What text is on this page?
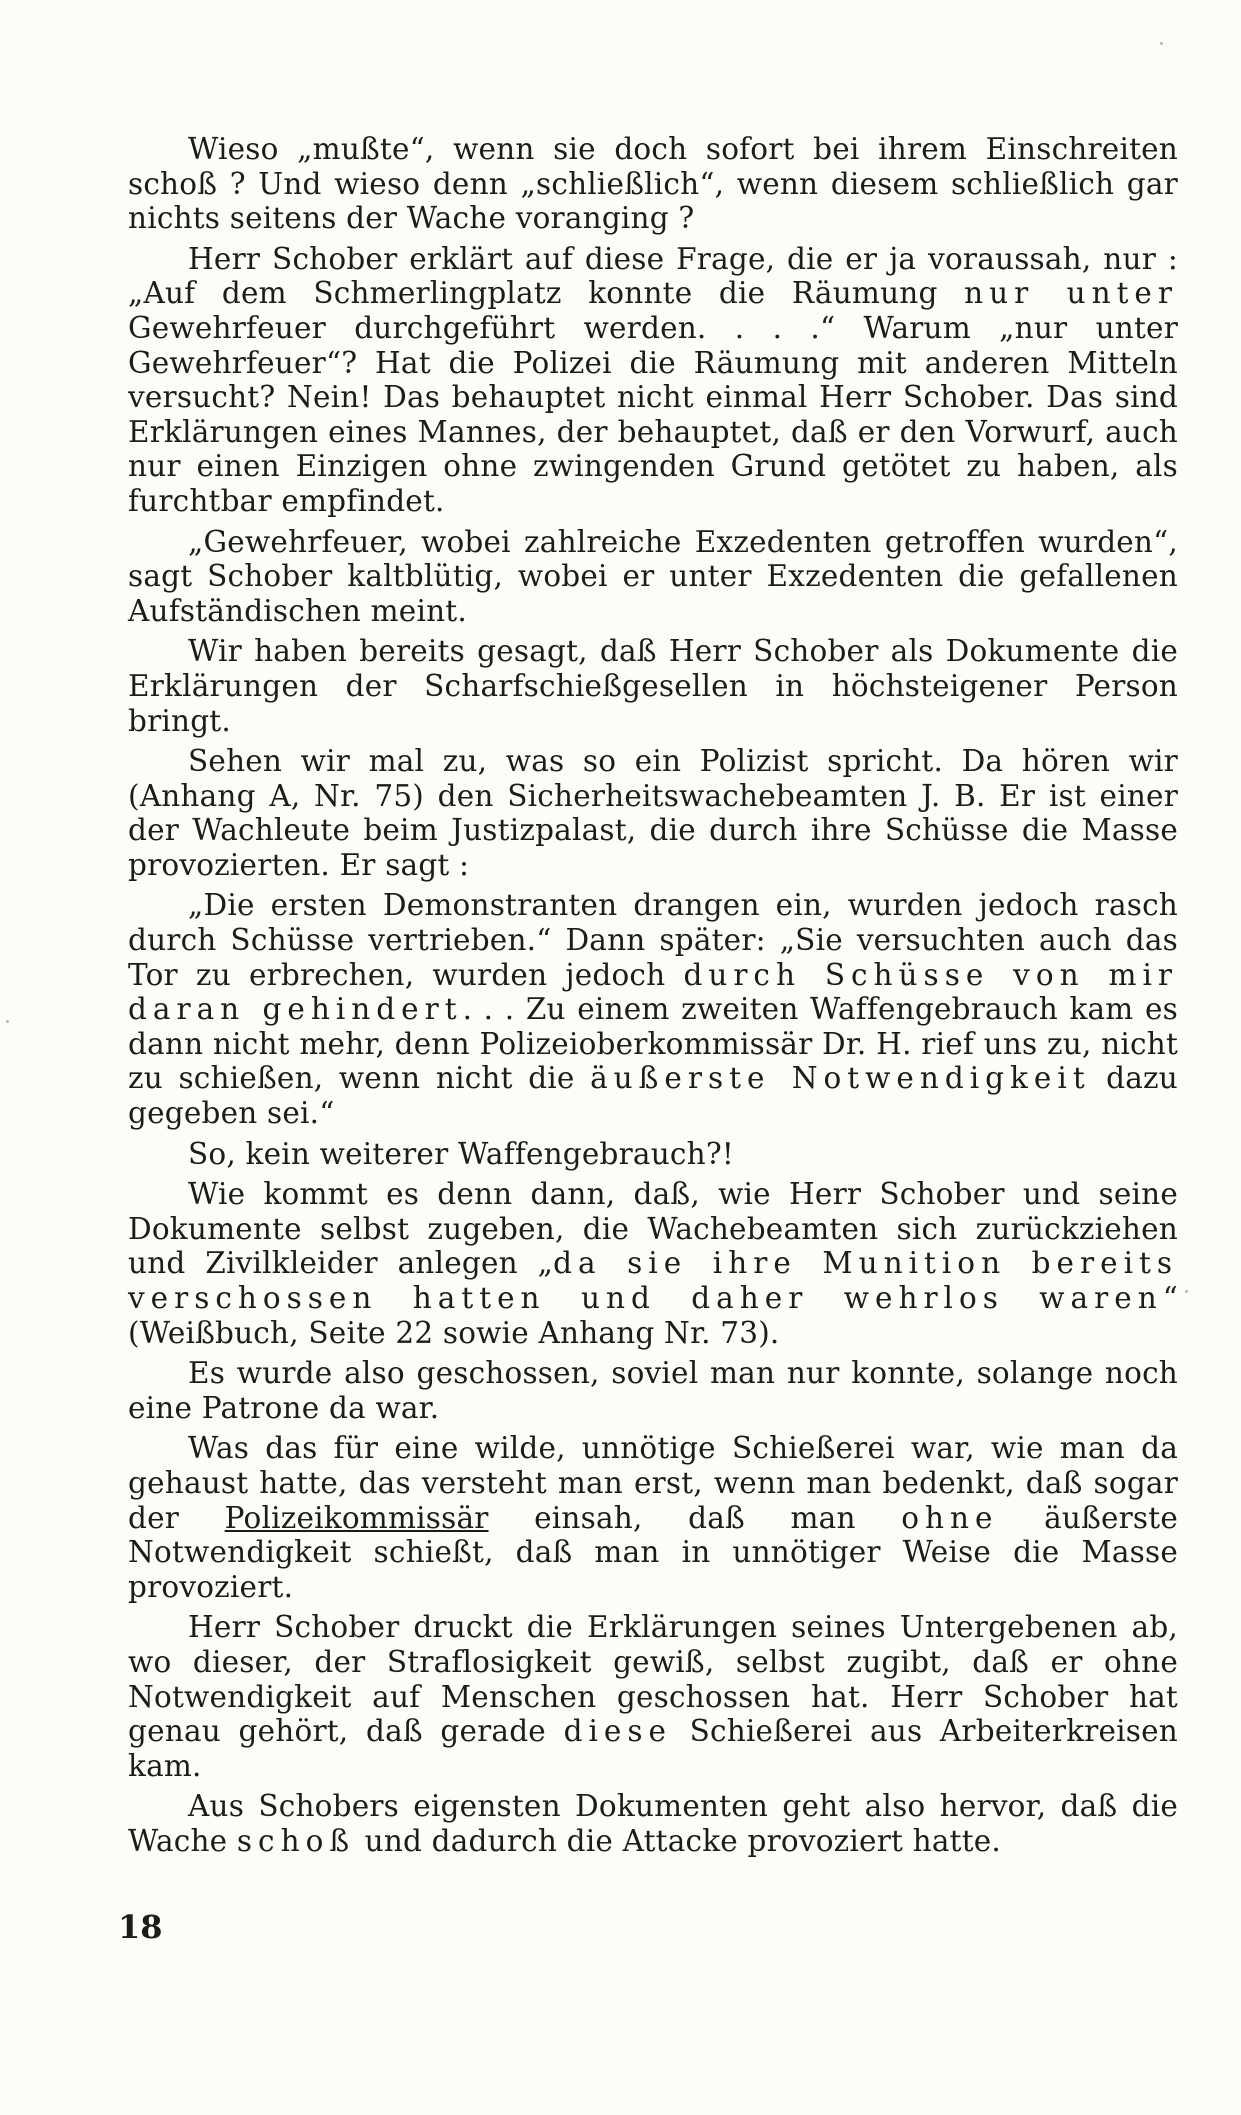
Wieso „mußte“, wenn sie doch sofort bei ihrem Einschreiten schoß ? Und wieso denn „schließlich“, wenn diesem schließlich gar nichts seitens der Wache voranging ?

Herr Schober erklärt auf diese Frage, die er ja voraussah, nur : „Auf dem Schmerlingplatz konnte die Räumung nur unter Gewehrfeuer durchgeführt werden. . . .“ Warum „nur unter Gewehrfeuer“? Hat die Polizei die Räumung mit anderen Mitteln versucht? Nein! Das behauptet nicht einmal Herr Schober. Das sind Erklärungen eines Mannes, der behauptet, daß er den Vorwurf, auch nur einen Einzigen ohne zwingenden Grund getötet zu haben, als furchtbar empfindet.

„Gewehrfeuer, wobei zahlreiche Exzedenten getroffen wurden“, sagt Schober kaltblütig, wobei er unter Exzedenten die gefallenen Aufständischen meint.

Wir haben bereits gesagt, daß Herr Schober als Dokumente die Erklärungen der Scharfschießgesellen in höchsteigener Person bringt.

Sehen wir mal zu, was so ein Polizist spricht. Da hören wir (Anhang A, Nr. 75) den Sicherheitswachebeamten J. B. Er ist einer der Wachleute beim Justizpalast, die durch ihre Schüsse die Masse provozierten. Er sagt :

„Die ersten Demonstranten drangen ein, wurden jedoch rasch durch Schüsse vertrieben.“ Dann später: „Sie versuchten auch das Tor zu erbrechen, wurden jedoch durch Schüsse von mir daran gehindert. . . Zu einem zweiten Waffengebrauch kam es dann nicht mehr, denn Polizeioberkommissär Dr. H. rief uns zu, nicht zu schießen, wenn nicht die äußerste Notwendigkeit dazu gegeben sei.“

So, kein weiterer Waffengebrauch?!

Wie kommt es denn dann, daß, wie Herr Schober und seine Dokumente selbst zugeben, die Wachebeamten sich zurückziehen und Zivilkleider anlegen „da sie ihre Munition bereits verschossen hatten und daher wehrlos waren“ (Weißbuch, Seite 22 sowie Anhang Nr. 73).

Es wurde also geschossen, soviel man nur konnte, solange noch eine Patrone da war.

Was das für eine wilde, unnötige Schießerei war, wie man da gehaust hatte, das versteht man erst, wenn man bedenkt, daß sogar der Polizeikommissär einsah, daß man ohne äußerste Notwendigkeit schießt, daß man in unnötiger Weise die Masse provoziert.

Herr Schober druckt die Erklärungen seines Untergebenen ab, wo dieser, der Straflosigkeit gewiß, selbst zugibt, daß er ohne Notwendigkeit auf Menschen geschossen hat. Herr Schober hat genau gehört, daß gerade diese Schießerei aus Arbeiterkreisen kam.

Aus Schobers eigensten Dokumenten geht also hervor, daß die Wache schoß und dadurch die Attacke provoziert hatte.

18
